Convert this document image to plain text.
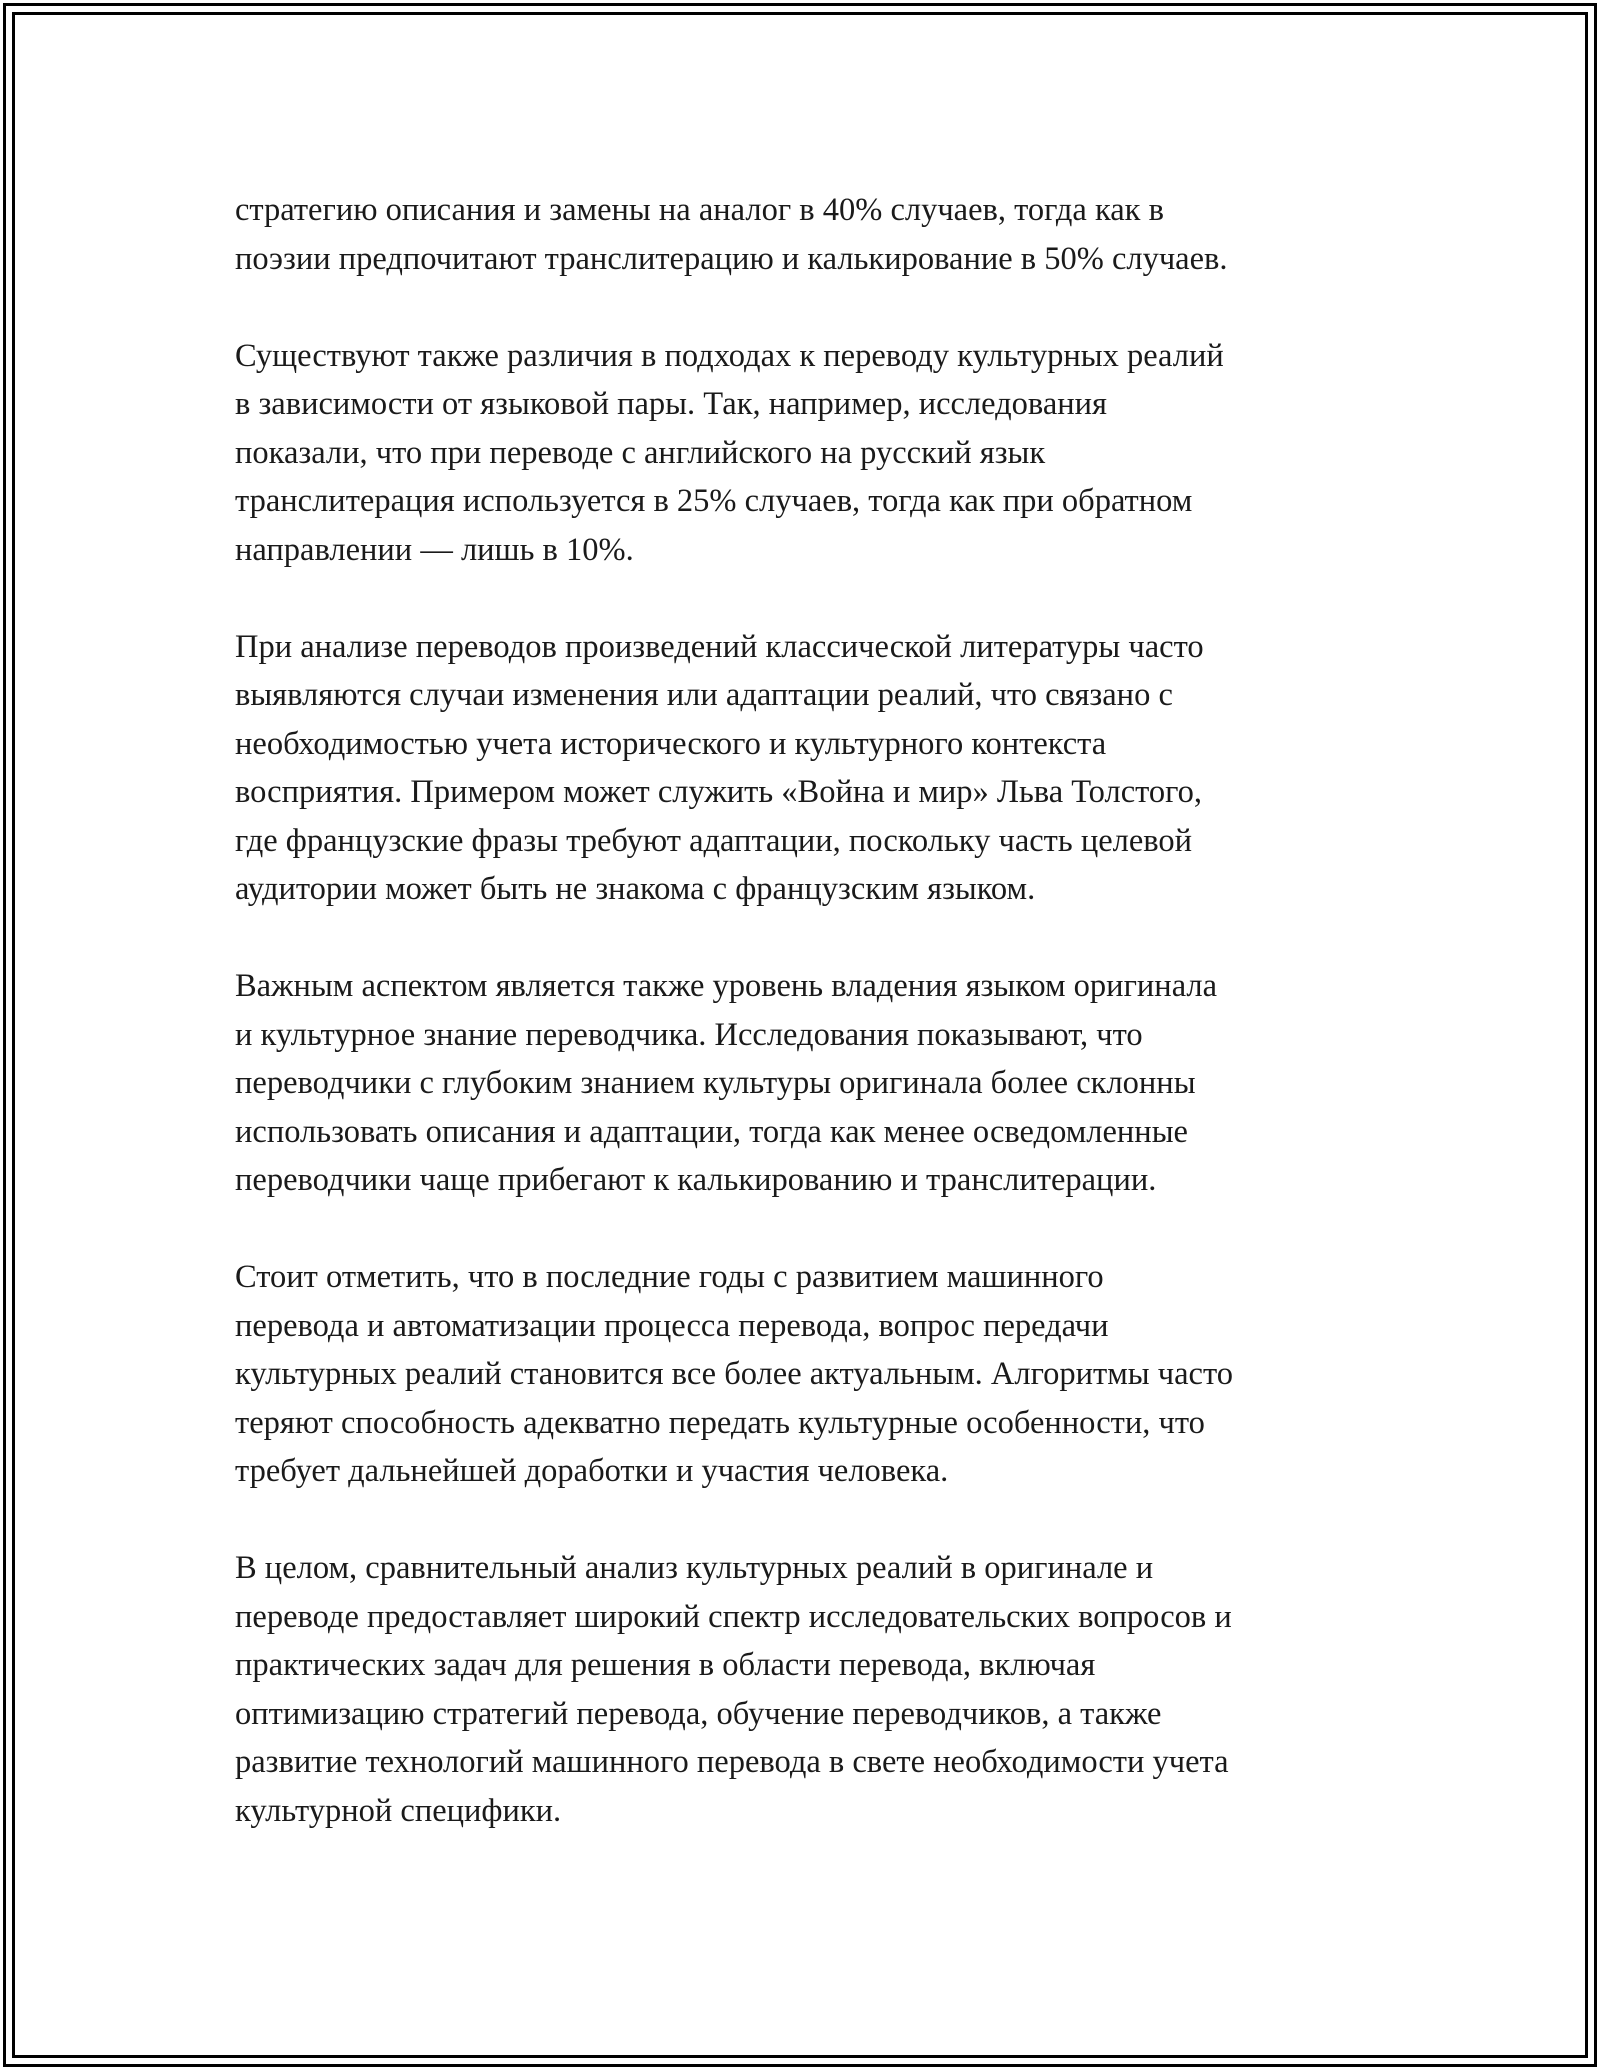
стратегию описания и замены на аналог в 40% случаев, тогда как в
поэзии предпочитают транслитерацию и калькирование в 50% случаев.

Существуют также различия в подходах к переводу культурных реалий
в зависимости от языковой пары. Так, например, исследования
показали, что при переводе с английского на русский язык
транслитерация используется в 25% случаев, тогда как при обратном
направлении — лишь в 10%.

При анализе переводов произведений классической литературы часто
выявляются случаи изменения или адаптации реалий, что связано с
необходимостью учета исторического и культурного контекста
восприятия. Примером может служить «Война и мир» Льва Толстого,
где французские фразы требуют адаптации, поскольку часть целевой
аудитории может быть не знакома с французским языком.

Важным аспектом является также уровень владения языком оригинала
и культурное знание переводчика. Исследования показывают, что
переводчики с глубоким знанием культуры оригинала более склонны
использовать описания и адаптации, тогда как менее осведомленные
переводчики чаще прибегают к калькированию и транслитерации.

Стоит отметить, что в последние годы с развитием машинного
перевода и автоматизации процесса перевода, вопрос передачи
культурных реалий становится все более актуальным. Алгоритмы часто
теряют способность адекватно передать культурные особенности, что
требует дальнейшей доработки и участия человека.

В целом, сравнительный анализ культурных реалий в оригинале и
переводе предоставляет широкий спектр исследовательских вопросов и
практических задач для решения в области перевода, включая
оптимизацию стратегий перевода, обучение переводчиков, а также
развитие технологий машинного перевода в свете необходимости учета
культурной специфики.
